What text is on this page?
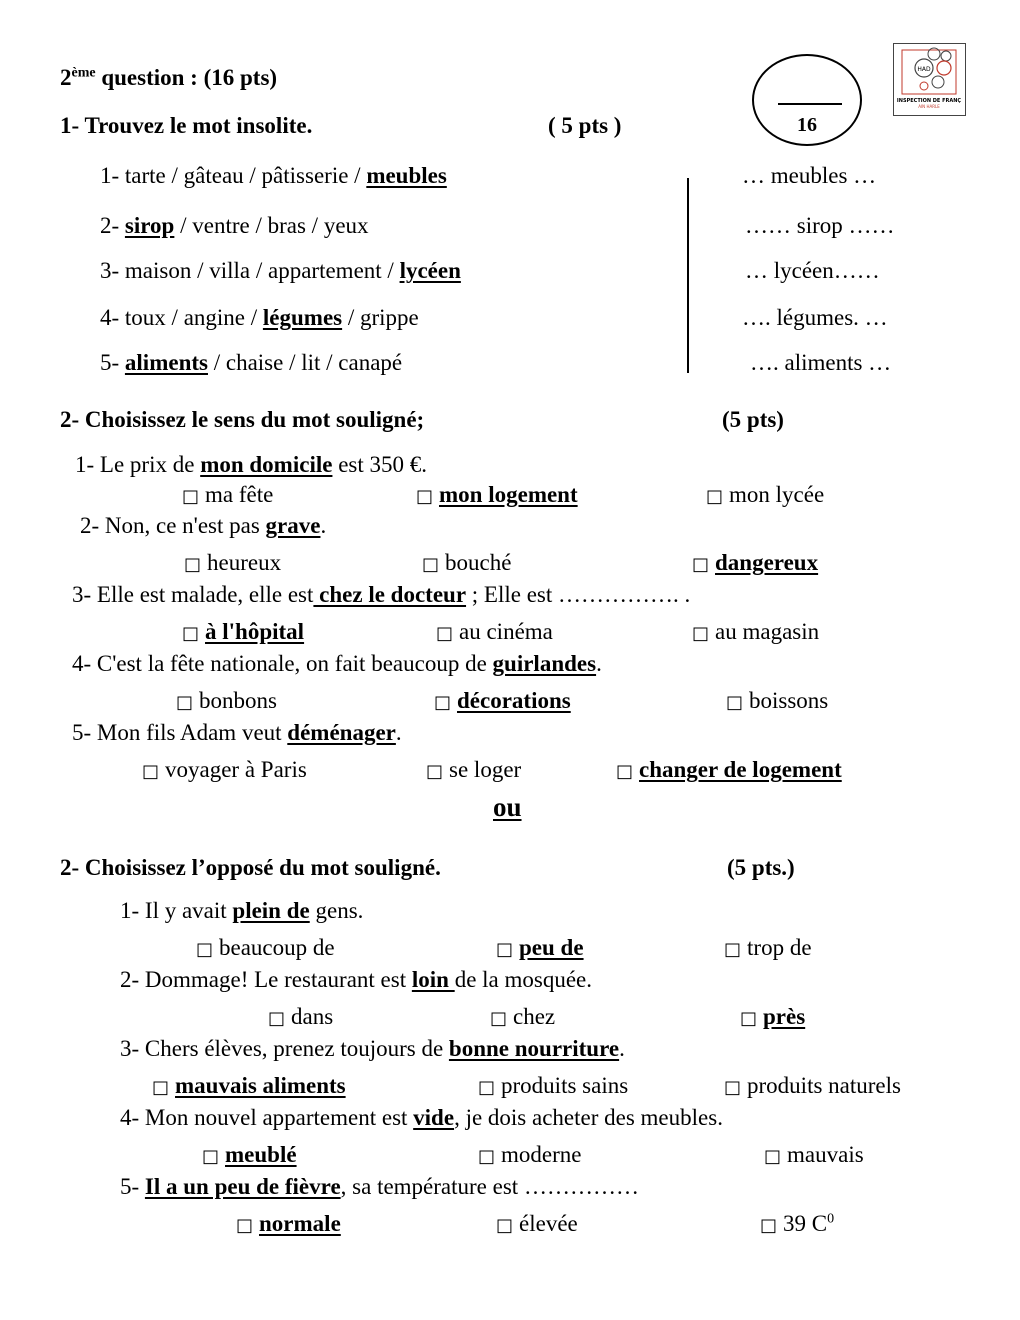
2ème question : (16 pts)
16
HAD
INSPECTION DE FRANÇ
AIN HARLE
1- Trouvez le mot insolite.	( 5 pts )
1- tarte / gâteau / pâtisserie / meubles	… meubles …
2- sirop / ventre / bras / yeux	…… sirop ……
3- maison / villa / appartement / lycéen	… lycéen……
4- toux / angine / légumes / grippe	…. légumes. …
5- aliments / chaise / lit / canapé	…. aliments …
2- Choisissez le sens du mot souligné;	(5 pts)
1- Le prix de mon domicile est 350 €.
□ ma fête	□ mon logement	□ mon lycée
2- Non, ce n'est pas grave.
□ heureux	□ bouché	□ dangereux
3- Elle est malade, elle est chez le docteur ; Elle est ……………. .
□ à l'hôpital	□ au cinéma	□ au magasin
4- C'est la fête nationale, on fait beaucoup de guirlandes.
□ bonbons	□ décorations	□ boissons
5- Mon fils Adam veut déménager.
□ voyager à Paris	□ se loger	□ changer de logement
ou
2- Choisissez l’opposé du mot souligné.	(5 pts.)
1- Il y avait plein de gens.
□ beaucoup de	□ peu de	□ trop de
2- Dommage! Le restaurant est loin de la mosquée.
□ dans	□ chez	□ près
3- Chers élèves, prenez toujours de bonne nourriture.
□ mauvais aliments	□ produits sains	□ produits naturels
4- Mon nouvel appartement est vide, je dois acheter des meubles.
□ meublé	□ moderne	□ mauvais
5- Il a un peu de fièvre, sa température est ……………
□ normale	□ élevée	□ 39 $C^0$
